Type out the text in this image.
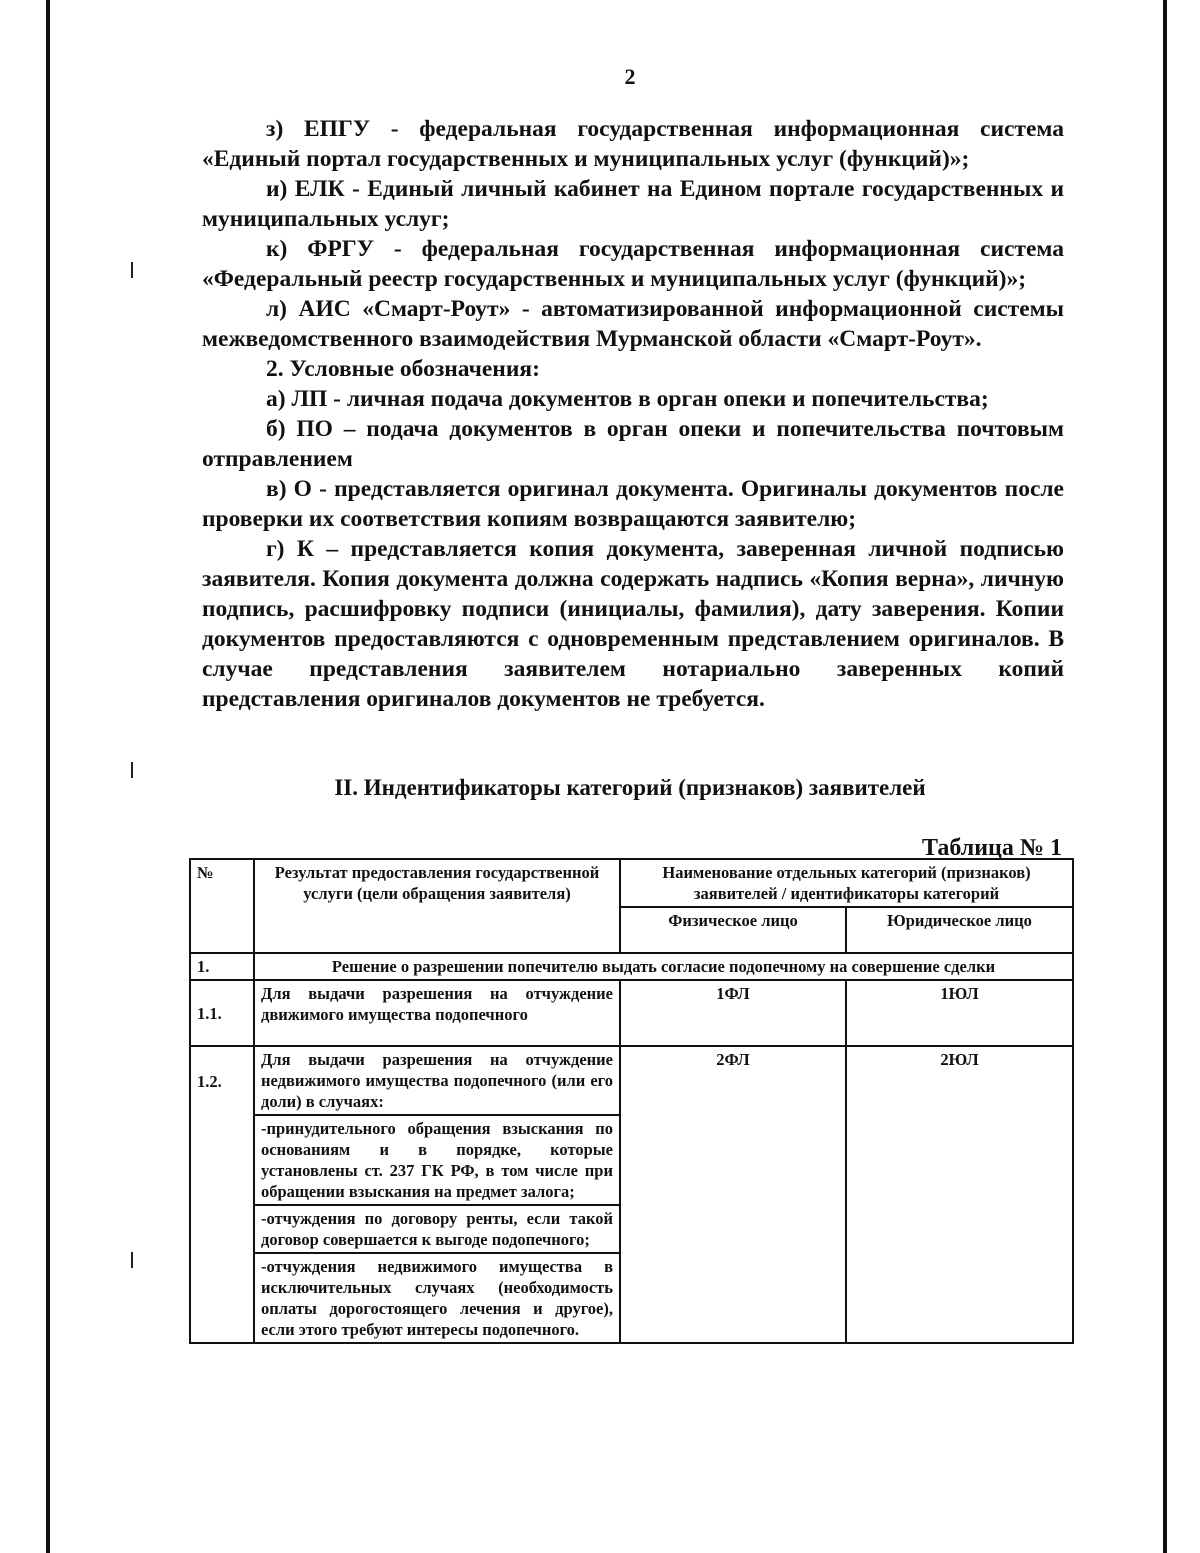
2

з) ЕПГУ - федеральная государственная информационная система «Единый портал государственных и муниципальных услуг (функций)»;

и) ЕЛК - Единый личный кабинет на Едином портале государственных и муниципальных услуг;

к) ФРГУ - федеральная государственная информационная система «Федеральный реестр государственных и муниципальных услуг (функций)»;

л) АИС «Смарт-Роут» - автоматизированной информационной системы межведомственного взаимодействия Мурманской области «Смарт-Роут».

2. Условные обозначения:

а) ЛП - личная подача документов в орган опеки и попечительства;

б) ПО – подача документов в орган опеки и попечительства почтовым отправлением

в) О - представляется оригинал документа. Оригиналы документов после проверки их соответствия копиям возвращаются заявителю;

г) К – представляется копия документа, заверенная личной подписью заявителя. Копия документа должна содержать надпись «Копия верна», личную подпись, расшифровку подписи (инициалы, фамилия), дату заверения. Копии документов предоставляются с одновременным представлением оригиналов. В случае представления заявителем нотариально заверенных копий представления оригиналов документов не требуется.

II. Индентификаторы категорий (признаков) заявителей
Таблица № 1
№	Результат предоставления государственной услуги (цели обращения заявителя)	Наименование отдельных категорий (признаков) заявителей / идентификаторы категорий	
		Физическое лицо	Юридическое лицо
1.	Решение о разрешении попечителю выдать согласие подопечному на совершение сделки		
1.1.	Для выдачи разрешения на отчуждение движимого имущества подопечного	1ФЛ	1ЮЛ

1.2.	Для выдачи разрешения на отчуждение недвижимого имущества подопечного (или его доли) в случаях:	2ФЛ	2ЮЛ
	-принудительного обращения взыскания по основаниям и в порядке, которые установлены ст. 237 ГК РФ, в том числе при обращении взыскания на предмет залога;		
	-отчуждения по договору ренты, если такой договор совершается к выгоде подопечного;		
	-отчуждения недвижимого имущества в исключительных случаях (необходимость оплаты дорогостоящего лечения и другое), если этого требуют интересы подопечного.		
